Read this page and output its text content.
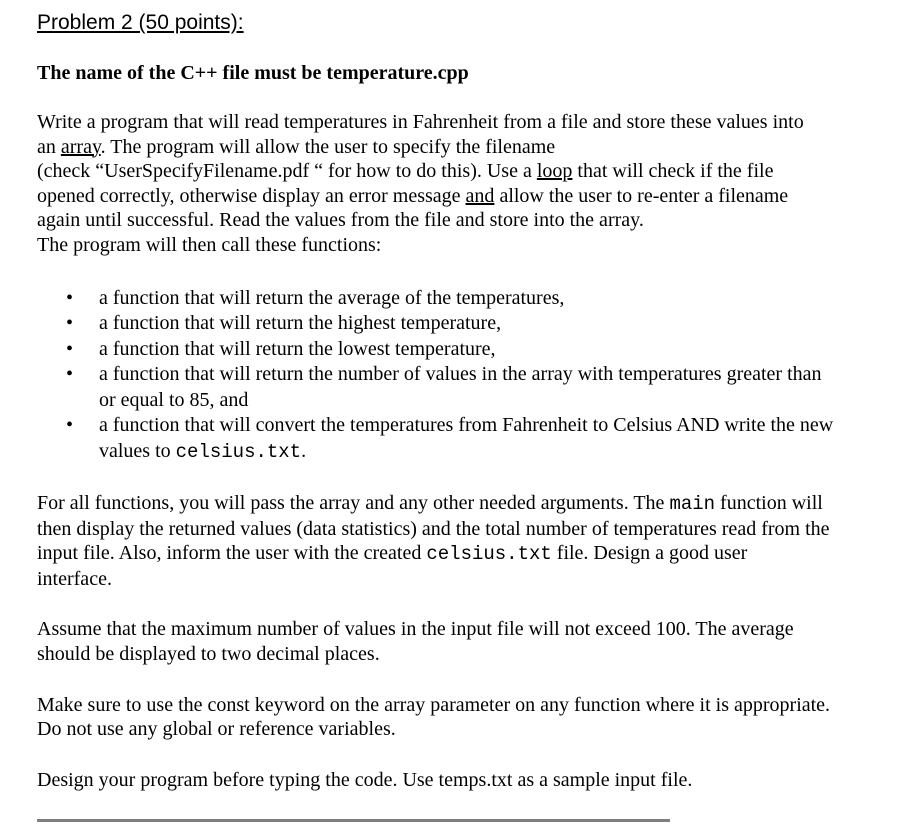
Problem 2 (50 points):
The name of the C++ file must be temperature.cpp

Write a program that will read temperatures in Fahrenheit from a file and store these values into
an array. The program will allow the user to specify the filename
(check “UserSpecifyFilename.pdf “ for how to do this). Use a loop that will check if the file
opened correctly, otherwise display an error message and allow the user to re-enter a filename
again until successful. Read the values from the file and store into the array.
The program will then call these functions:

• a function that will return the average of the temperatures,
• a function that will return the highest temperature,
• a function that will return the lowest temperature,
• a function that will return the number of values in the array with temperatures greater than
or equal to 85, and
• a function that will convert the temperatures from Fahrenheit to Celsius AND write the new
values to celsius.txt.

For all functions, you will pass the array and any other needed arguments. The main function will
then display the returned values (data statistics) and the total number of temperatures read from the
input file. Also, inform the user with the created celsius.txt file. Design a good user
interface.

Assume that the maximum number of values in the input file will not exceed 100. The average
should be displayed to two decimal places.

Make sure to use the const keyword on the array parameter on any function where it is appropriate.
Do not use any global or reference variables.

Design your program before typing the code. Use temps.txt as a sample input file.
